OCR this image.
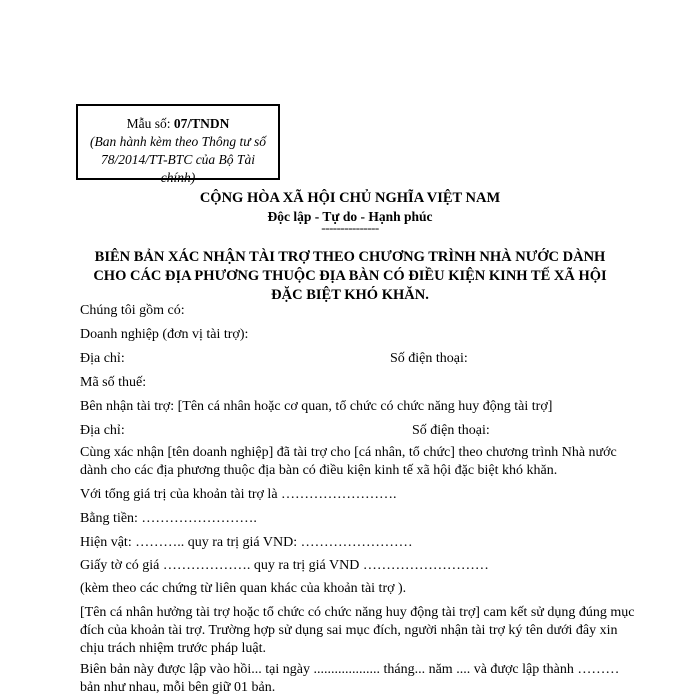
Mẫu số: 07/TNDN
(Ban hành kèm theo Thông tư số 78/2014/TT-BTC của Bộ Tài chính)
CỘNG HÒA XÃ HỘI CHỦ NGHĨA VIỆT NAM
Độc lập - Tự do - Hạnh phúc
---------------
BIÊN BẢN XÁC NHẬN TÀI TRỢ THEO CHƯƠNG TRÌNH NHÀ NƯỚC DÀNH CHO CÁC ĐỊA PHƯƠNG THUỘC ĐỊA BÀN CÓ ĐIỀU KIỆN KINH TẾ XÃ HỘI ĐẶC BIỆT KHÓ KHĂN.
Chúng tôi gồm có:
Doanh nghiệp (đơn vị tài trợ):
Địa chỉ:	Số điện thoại:
Mã số thuế:
Bên nhận tài trợ: [Tên cá nhân hoặc cơ quan, tổ chức có chức năng huy động tài trợ]
Địa chỉ:	Số điện thoại:
Cùng xác nhận [tên doanh nghiệp] đã tài trợ cho [cá nhân, tổ chức] theo chương trình Nhà nước dành cho các địa phương thuộc địa bàn có điều kiện kinh tế xã hội đặc biệt khó khăn.
Với tổng giá trị của khoản tài trợ là …………………….
Bằng tiền: …………………….
Hiện vật: ……….. quy ra trị giá VND: ……………………
Giấy tờ có giá ………………. quy ra trị giá VND ………………………
(kèm theo các chứng từ liên quan khác của khoản tài trợ ).
[Tên cá nhân hưởng tài trợ hoặc tổ chức có chức năng huy động tài trợ] cam kết sử dụng đúng mục đích của khoản tài trợ. Trường hợp sử dụng sai mục đích, người nhận tài trợ ký tên dưới đây xin chịu trách nhiệm trước pháp luật.
Biên bản này được lập vào hồi... tại ngày ................... tháng... năm .... và được lập thành ……… bản như nhau, mỗi bên giữ 01 bản.
